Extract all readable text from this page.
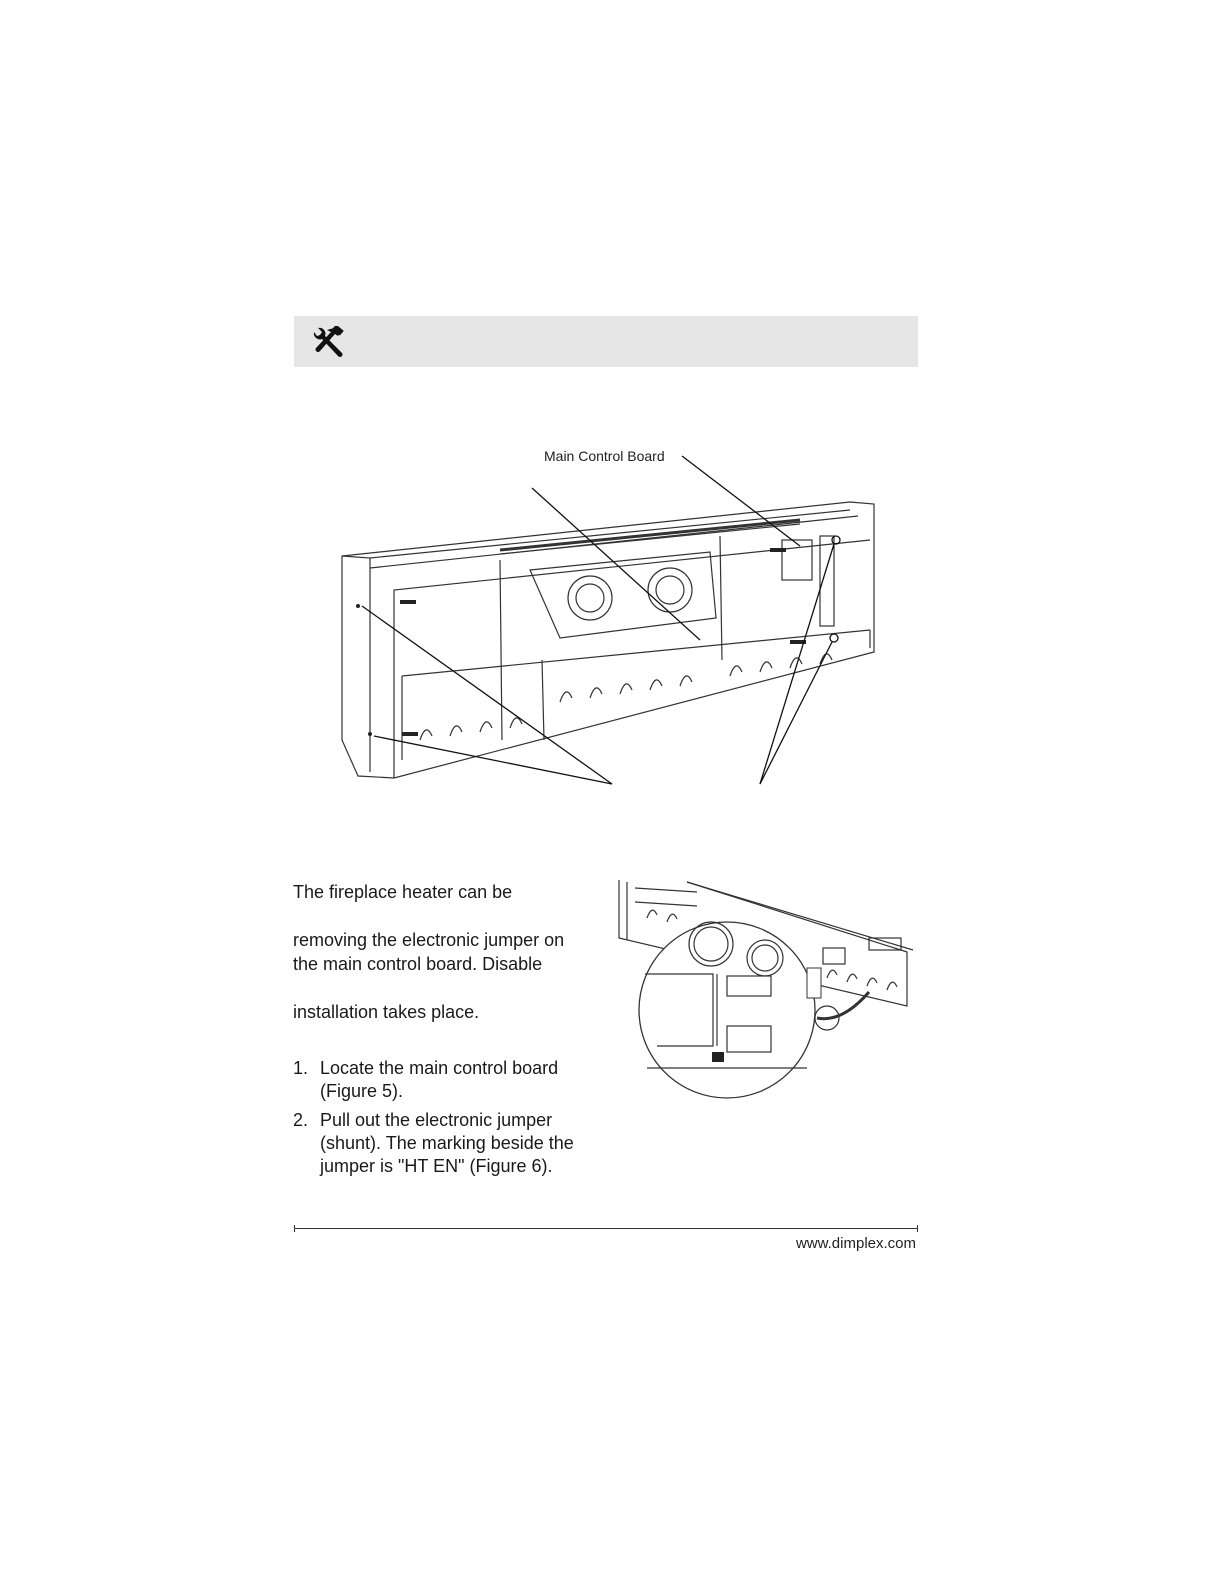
Main Control Board
The fireplace heater can be
removing the electronic jumper on
the main control board. Disable
installation takes place.
1. Locate the main control board
(Figure 5).
2. Pull out the electronic jumper
(shunt). The marking beside the
jumper is "HT EN" (Figure 6).
www.dimplex.com
